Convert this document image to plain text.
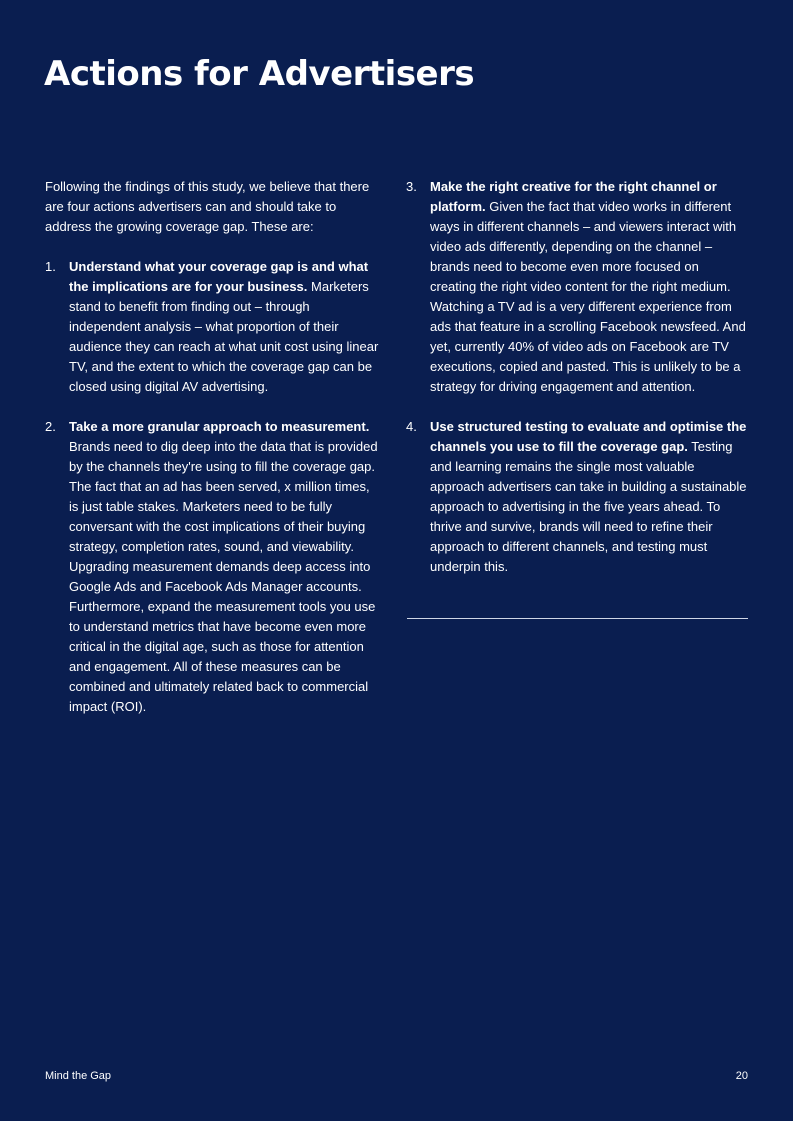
Actions for Advertisers

Following the findings of this study, we believe that there are four actions advertisers can and should take to address the growing coverage gap. These are:

1. Understand what your coverage gap is and what the implications are for your business. Marketers stand to benefit from finding out – through independent analysis – what proportion of their audience they can reach at what unit cost using linear TV, and the extent to which the coverage gap can be closed using digital AV advertising.
2. Take a more granular approach to measurement. Brands need to dig deep into the data that is provided by the channels they're using to fill the coverage gap. The fact that an ad has been served, x million times, is just table stakes. Marketers need to be fully conversant with the cost implications of their buying strategy, completion rates, sound, and viewability. Upgrading measurement demands deep access into Google Ads and Facebook Ads Manager accounts. Furthermore, expand the measurement tools you use to understand metrics that have become even more critical in the digital age, such as those for attention and engagement. All of these measures can be combined and ultimately related back to commercial impact (ROI).
3. Make the right creative for the right channel or platform. Given the fact that video works in different ways in different channels – and viewers interact with video ads differently, depending on the channel – brands need to become even more focused on creating the right video content for the right medium. Watching a TV ad is a very different experience from ads that feature in a scrolling Facebook newsfeed. And yet, currently 40% of video ads on Facebook are TV executions, copied and pasted. This is unlikely to be a strategy for driving engagement and attention.
4. Use structured testing to evaluate and optimise the channels you use to fill the coverage gap. Testing and learning remains the single most valuable approach advertisers can take in building a sustainable approach to advertising in the five years ahead. To thrive and survive, brands will need to refine their approach to different channels, and testing must underpin this.
Mind the Gap	20
